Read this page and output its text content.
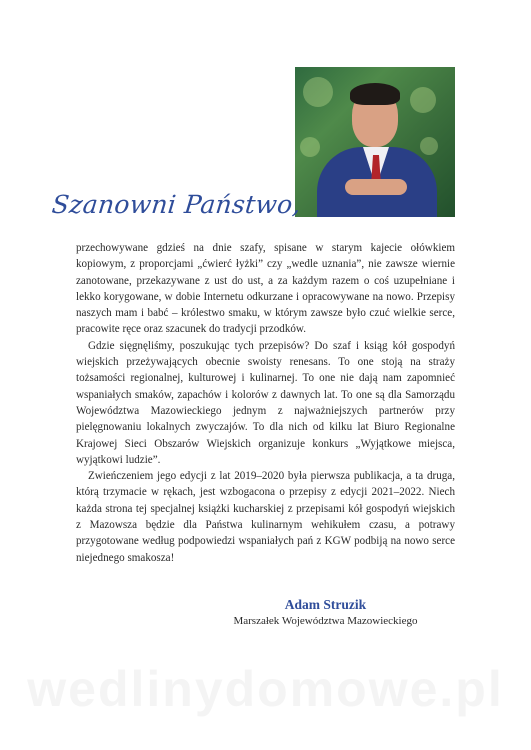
Szanowni Państwo,

przechowywane gdzieś na dnie szafy, spisane w starym kajecie ołówkiem kopiowym, z proporcjami „ćwierć łyżki” czy „wedle uznania”, nie zawsze wiernie zanotowane, przekazywane z ust do ust, a za każdym razem o coś uzupełniane i lekko korygowane, w dobie Internetu odkurzane i opracowywane na nowo. Przepisy naszych mam i babć – królestwo smaku, w którym zawsze było czuć wielkie serce, pracowite ręce oraz szacunek do tradycji przodków.

Gdzie sięgnęliśmy, poszukując tych przepisów? Do szaf i ksiąg kół gospodyń wiejskich przeżywających obecnie swoisty renesans. To one stoją na straży tożsamości regionalnej, kulturowej i kulinarnej. To one nie dają nam zapomnieć wspaniałych smaków, zapachów i kolorów z dawnych lat. To one są dla Samorządu Województwa Mazowieckiego jednym z najważniejszych partnerów przy pielęgnowaniu lokalnych zwyczajów. To dla nich od kilku lat Biuro Regionalne Krajowej Sieci Obszarów Wiejskich organizuje konkurs „Wyjątkowe miejsca, wyjątkowi ludzie”.

Zwieńczeniem jego edycji z lat 2019–2020 była pierwsza publikacja, a ta druga, którą trzymacie w rękach, jest wzbogacona o przepisy z edycji 2021–2022. Niech każda strona tej specjalnej książki kucharskiej z przepisami kół gospodyń wiejskich z Mazowsza będzie dla Państwa kulinarnym wehikułem czasu, a potrawy przygotowane według podpowiedzi wspaniałych pań z KGW podbiją na nowo serce niejednego smakosza!

Adam Struzik
Marszałek Województwa Mazowieckiego
wedlinydomowe.pl
